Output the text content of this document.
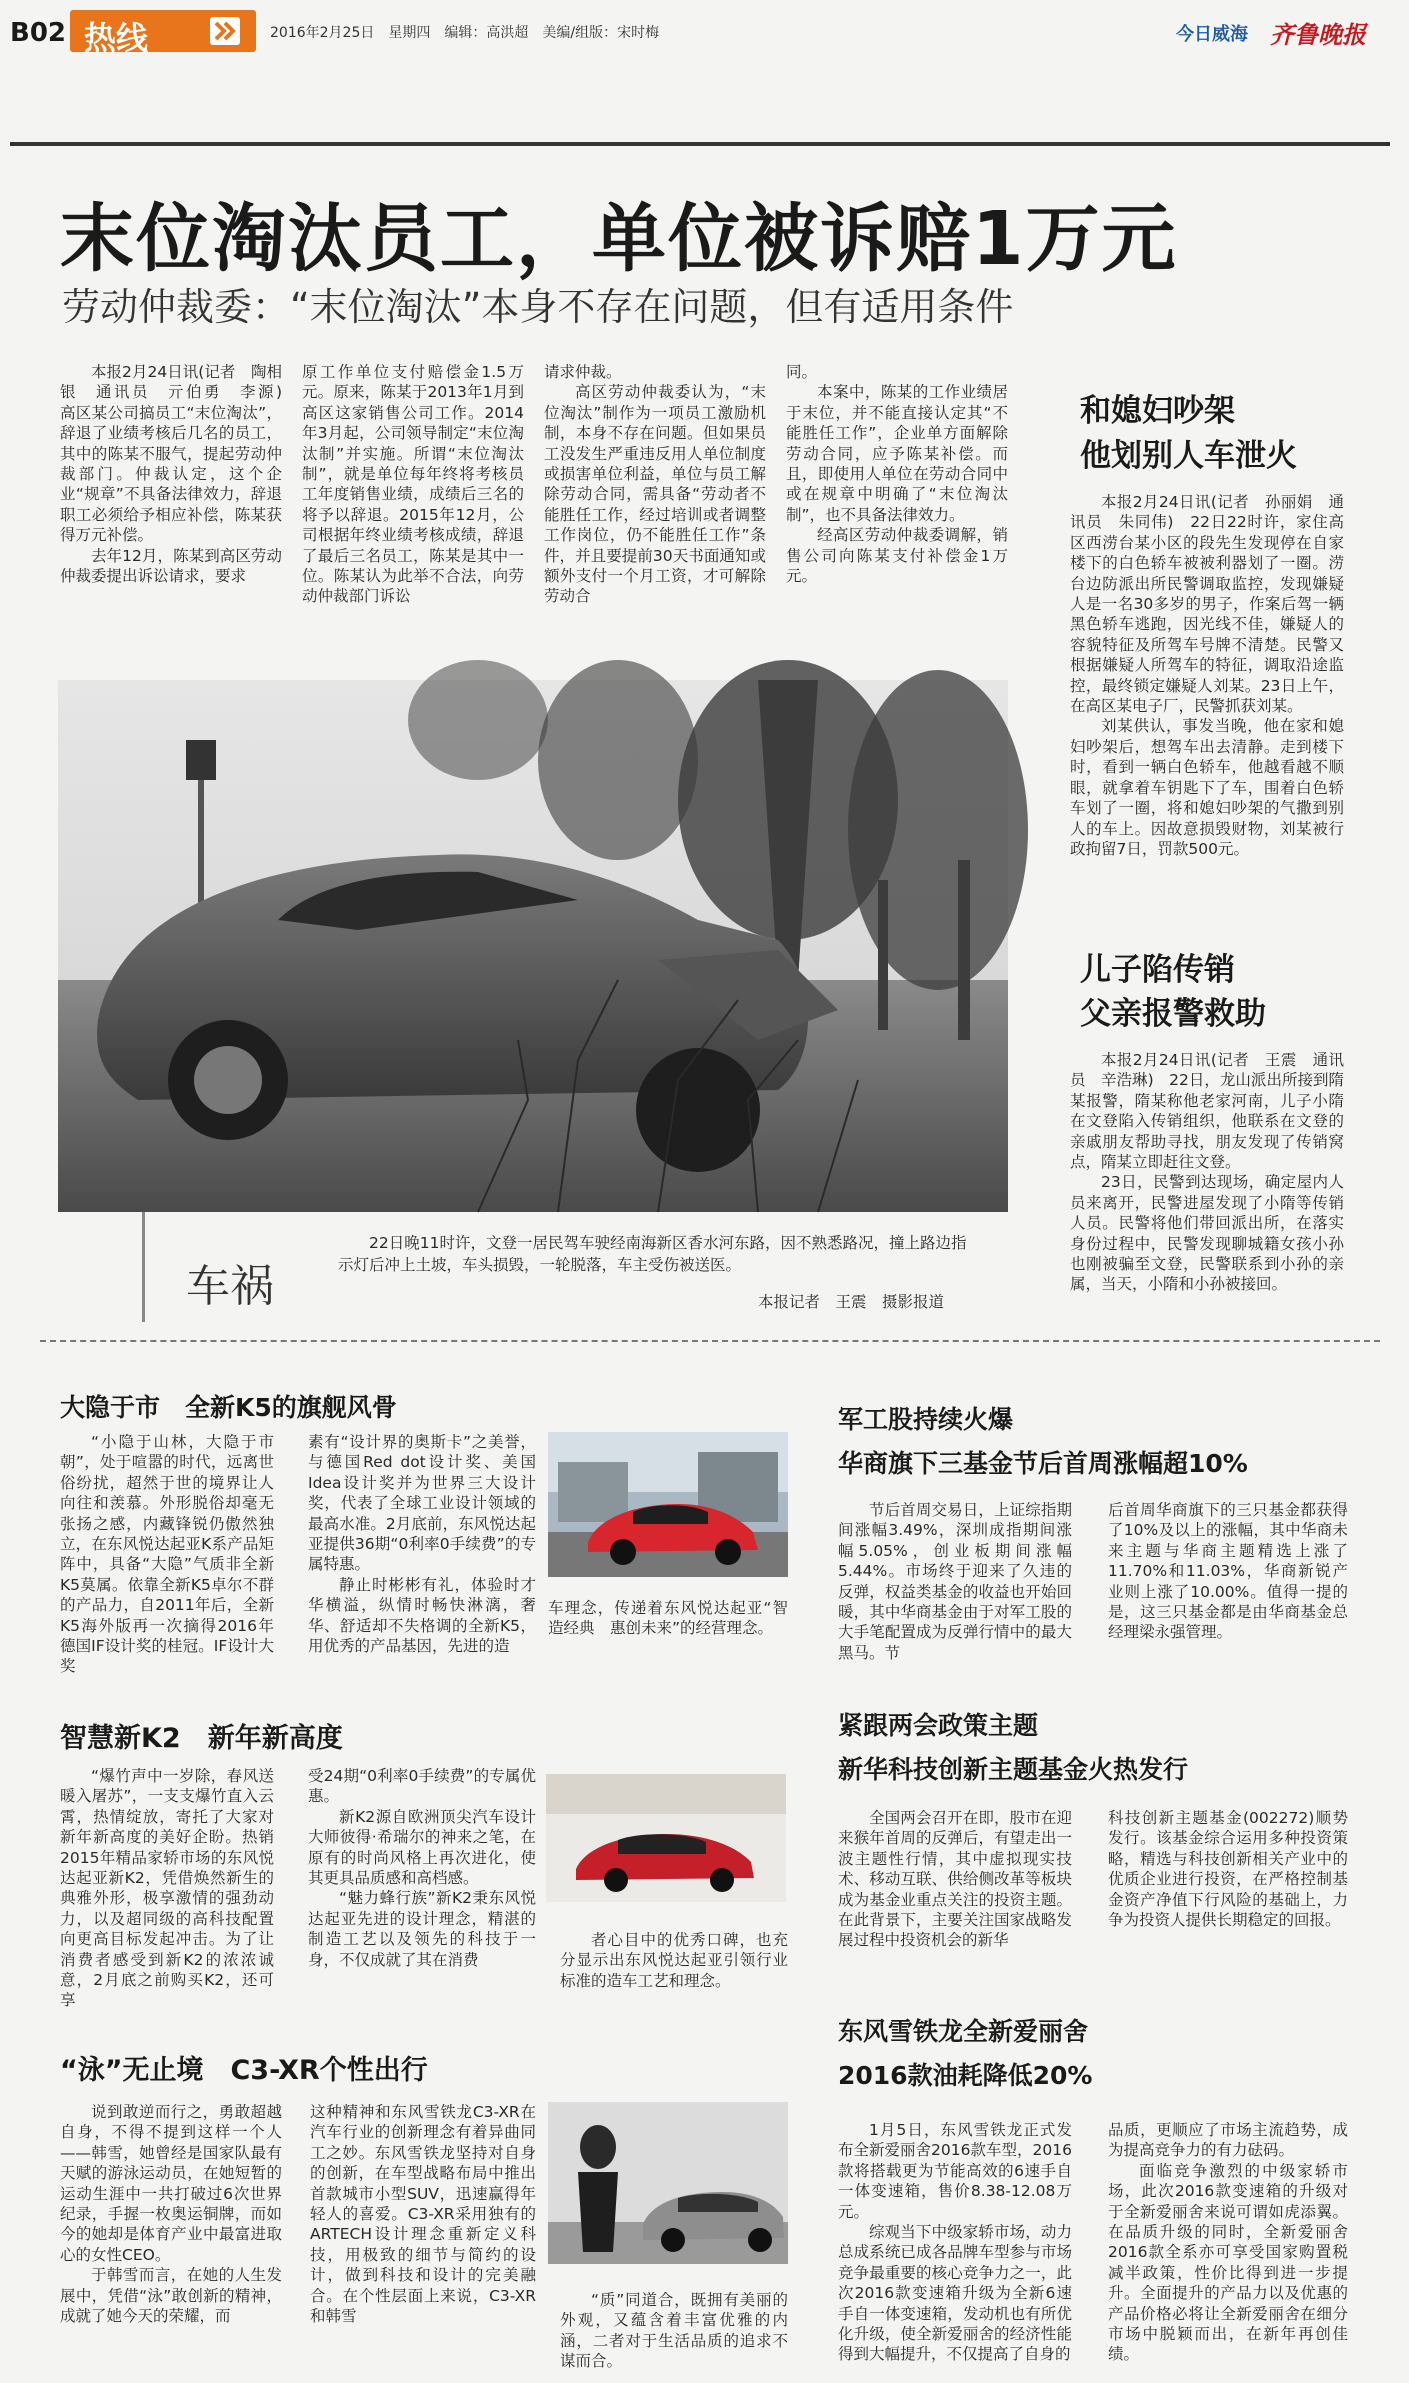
B02 热线	2016年2月25日　星期四　编辑：高洪超　美编/组版：宋时梅	今日威海 齐鲁晚报
末位淘汰员工，单位被诉赔1万元
劳动仲裁委：“末位淘汰”本身不存在问题，但有适用条件

本报2月24日讯(记者　陶相银　通讯员　亓伯勇　李源)　高区某公司搞员工“末位淘汰”，辞退了业绩考核后几名的员工，其中的陈某不服气，提起劳动仲裁部门。仲裁认定，这个企业“规章”不具备法律效力，辞退职工必须给予相应补偿，陈某获得万元补偿。

去年12月，陈某到高区劳动仲裁委提出诉讼请求，要求

原工作单位支付赔偿金1.5万元。原来，陈某于2013年1月到高区这家销售公司工作。2014年3月起，公司领导制定“末位淘汰制”并实施。所谓“末位淘汰制”，就是单位每年终将考核员工年度销售业绩，成绩后三名的将予以辞退。2015年12月，公司根据年终业绩考核成绩，辞退了最后三名员工，陈某是其中一位。陈某认为此举不合法，向劳动仲裁部门诉讼

请求仲裁。

高区劳动仲裁委认为，“末位淘汰”制作为一项员工激励机制，本身不存在问题。但如果员工没发生严重违反用人单位制度或损害单位利益，单位与员工解除劳动合同，需具备“劳动者不能胜任工作，经过培训或者调整工作岗位，仍不能胜任工作”条件，并且要提前30天书面通知或额外支付一个月工资，才可解除劳动合

同。

本案中，陈某的工作业绩居于末位，并不能直接认定其“不能胜任工作”，企业单方面解除劳动合同，应予陈某补偿。而且，即使用人单位在劳动合同中或在规章中明确了“末位淘汰制”，也不具备法律效力。

经高区劳动仲裁委调解，销售公司向陈某支付补偿金1万元。

车祸
22日晚11时许，文登一居民驾车驶经南海新区香水河东路，因不熟悉路况，撞上路边指示灯后冲上土坡，车头损毁，一轮脱落，车主受伤被送医。
本报记者　王震　摄影报道
和媳妇吵架
他划别人车泄火

本报2月24日讯(记者　孙丽娟　通讯员　朱同伟)　22日22时许，家住高区西涝台某小区的段先生发现停在自家楼下的白色轿车被被利器划了一圈。涝台边防派出所民警调取监控，发现嫌疑人是一名30多岁的男子，作案后驾一辆黑色轿车逃跑，因光线不佳，嫌疑人的容貌特征及所驾车号牌不清楚。民警又根据嫌疑人所驾车的特征，调取沿途监控，最终锁定嫌疑人刘某。23日上午，在高区某电子厂，民警抓获刘某。

刘某供认，事发当晚，他在家和媳妇吵架后，想驾车出去清静。走到楼下时，看到一辆白色轿车，他越看越不顺眼，就拿着车钥匙下了车，围着白色轿车划了一圈，将和媳妇吵架的气撒到别人的车上。因故意损毁财物，刘某被行政拘留7日，罚款500元。

儿子陷传销
父亲报警救助

本报2月24日讯(记者　王震　通讯员　辛浩琳)　22日，龙山派出所接到隋某报警，隋某称他老家河南，儿子小隋在文登陷入传销组织，他联系在文登的亲戚朋友帮助寻找，朋友发现了传销窝点，隋某立即赶往文登。

23日，民警到达现场，确定屋内人员来离开，民警进屋发现了小隋等传销人员。民警将他们带回派出所，在落实身份过程中，民警发现聊城籍女孩小孙也刚被骗至文登，民警联系到小孙的亲属，当天，小隋和小孙被接回。

大隐于市　全新K5的旗舰风骨

“小隐于山林，大隐于市朝”，处于喧嚣的时代，远离世俗纷扰，超然于世的境界让人向往和羡慕。外形脱俗却毫无张扬之感，内藏锋锐仍傲然独立，在东风悦达起亚K系产品矩阵中，具备“大隐”气质非全新K5莫属。依靠全新K5卓尔不群的产品力，自2011年后，全新K5海外版再一次摘得2016年德国IF设计奖的桂冠。IF设计大奖

素有“设计界的奥斯卡”之美誉，与德国Red dot设计奖、美国Idea设计奖并为世界三大设计奖，代表了全球工业设计领域的最高水准。2月底前，东风悦达起亚提供36期“0利率0手续费”的专属特惠。

静止时彬彬有礼，体验时才华横溢，纵情时畅快淋漓，奢华、舒适却不失格调的全新K5，用优秀的产品基因，先进的造

车理念，传递着东风悦达起亚“智造经典　惠创未来”的经营理念。

智慧新K2　新年新高度

“爆竹声中一岁除，春风送暖入屠苏”，一支支爆竹直入云霄，热情绽放，寄托了大家对新年新高度的美好企盼。热销2015年精品家轿市场的东风悦达起亚新K2，凭借焕然新生的典雅外形，极享激情的强劲动力，以及超同级的高科技配置向更高目标发起冲击。为了让消费者感受到新K2的浓浓诚意，2月底之前购买K2，还可享

受24期“0利率0手续费”的专属优惠。

新K2源自欧洲顶尖汽车设计大师彼得·希瑞尔的神来之笔，在原有的时尚风格上再次进化，使其更具品质感和高档感。

“魅力蜂行族”新K2秉东风悦达起亚先进的设计理念，精湛的制造工艺以及领先的科技于一身，不仅成就了其在消费

者心目中的优秀口碑，也充分显示出东风悦达起亚引领行业标准的造车工艺和理念。

“泳”无止境　C3-XR个性出行

说到敢逆而行之，勇敢超越自身，不得不提到这样一个人——韩雪，她曾经是国家队最有天赋的游泳运动员，在她短暂的运动生涯中一共打破过6次世界纪录，手握一枚奥运铜牌，而如今的她却是体育产业中最富进取心的女性CEO。

于韩雪而言，在她的人生发展中，凭借“泳”敢创新的精神，成就了她今天的荣耀，而

这种精神和东风雪铁龙C3-XR在汽车行业的创新理念有着异曲同工之妙。东风雪铁龙坚持对自身的创新，在车型战略布局中推出首款城市小型SUV，迅速赢得年轻人的喜爱。C3-XR采用独有的ARTECH设计理念重新定义科技，用极致的细节与简约的设计，做到科技和设计的完美融合。在个性层面上来说，C3-XR和韩雪

“质”同道合，既拥有美丽的外观，又蕴含着丰富优雅的内涵，二者对于生活品质的追求不谋而合。

军工股持续火爆
华商旗下三基金节后首周涨幅超10%

节后首周交易日，上证综指期间涨幅3.49%，深圳成指期间涨幅5.05%，创业板期间涨幅5.44%。市场终于迎来了久违的反弹，权益类基金的收益也开始回暖，其中华商基金由于对军工股的大手笔配置成为反弹行情中的最大黑马。节

后首周华商旗下的三只基金都获得了10%及以上的涨幅，其中华商未来主题与华商主题精选上涨了11.70%和11.03%，华商新锐产业则上涨了10.00%。值得一提的是，这三只基金都是由华商基金总经理梁永强管理。

紧跟两会政策主题
新华科技创新主题基金火热发行

全国两会召开在即，股市在迎来猴年首周的反弹后，有望走出一波主题性行情，其中虚拟现实技术、移动互联、供给侧改革等板块成为基金业重点关注的投资主题。在此背景下，主要关注国家战略发展过程中投资机会的新华

科技创新主题基金(002272)顺势发行。该基金综合运用多种投资策略，精选与科技创新相关产业中的优质企业进行投资，在严格控制基金资产净值下行风险的基础上，力争为投资人提供长期稳定的回报。

东风雪铁龙全新爱丽舍
2016款油耗降低20%

1月5日，东风雪铁龙正式发布全新爱丽舍2016款车型，2016款将搭载更为节能高效的6速手自一体变速箱，售价8.38-12.08万元。

综观当下中级家轿市场，动力总成系统已成各品牌车型参与市场竞争最重要的核心竞争力之一，此次2016款变速箱升级为全新6速手自一体变速箱，发动机也有所优化升级，使全新爱丽舍的经济性能得到大幅提升，不仅提高了自身的

品质，更顺应了市场主流趋势，成为提高竞争力的有力砝码。

面临竞争激烈的中级家轿市场，此次2016款变速箱的升级对于全新爱丽舍来说可谓如虎添翼。在品质升级的同时，全新爱丽舍2016款全系亦可享受国家购置税减半政策，性价比得到进一步提升。全面提升的产品力以及优惠的产品价格必将让全新爱丽舍在细分市场中脱颖而出，在新年再创佳绩。
